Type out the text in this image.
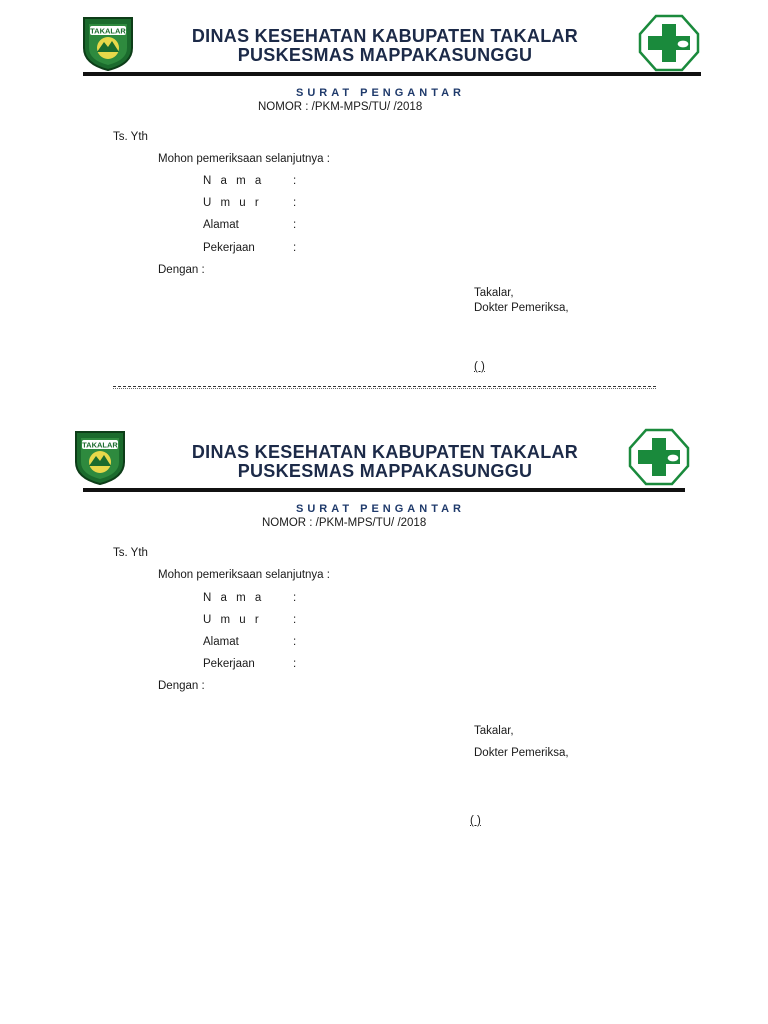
TAKALAR	DINAS KESEHATAN KABUPATEN TAKALAR
PUSKESMAS MAPPAKASUNGGU
SURAT PENGANTAR
NOMOR : /PKM-MPS/TU/ /2018
Ts. Yth
Mohon pemeriksaan selanjutnya :
N a m a :
U m u r	:
Alamat	:
Pekerjaan	:
Dengan :
Takalar,
Dokter Pemeriksa,
( )
TAKALAR	DINAS KESEHATAN KABUPATEN TAKALAR
PUSKESMAS MAPPAKASUNGGU
SURAT PENGANTAR
NOMOR : /PKM-MPS/TU/ /2018
Ts. Yth
Mohon pemeriksaan selanjutnya :
N a m a :
U m u r	:
Alamat	:
Pekerjaan	:
Dengan :
Takalar,
Dokter Pemeriksa,
( )
